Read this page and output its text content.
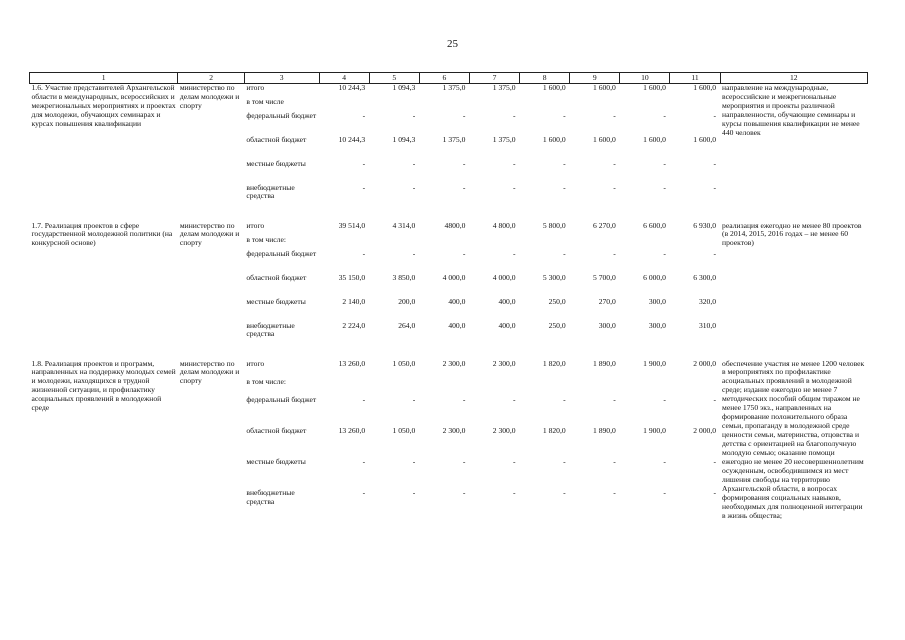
25
1	2	3	4	5	6	7	8	9	10	11	12
1.6. Участие представителей Архангельской области в международных, всероссийских и межрегиональных мероприятиях и проектах для молодежи, обучающих семинарах и курсах повышения квалификации	министерство по делам молодежи и спорту	итого	10 244,3	1 094,3	1 375,0	1 375,0	1 600,0	1 600,0	1 600,0	1 600,0	направление на международные, всероссийские и межрегиональные мероприятия и проекты различной направленности, обучающие семинары и курсы повышения квалификации не менее 440 человек
		в том числе									
		федеральный бюджет	-	-	-	-	-	-	-	-	
		областной бюджет	10 244,3	1 094,3	1 375,0	1 375,0	1 600,0	1 600,0	1 600,0	1 600,0	
		местные бюджеты	-	-	-	-	-	-	-	-	
		внебюджетные средства	-	-	-	-	-	-	-	-	

1.7. Реализация проектов в сфере государственной молодежной политики (на конкурсной основе)	министерство по делам молодежи и спорту	итого	39 514,0	4 314,0	4800,0	4 800,0	5 800,0	6 270,0	6 600,0	6 930,0	реализация ежегодно не менее 80 проектов (в 2014, 2015, 2016 годах – не менее 60 проектов)
		в том числе:									
		федеральный бюджет	-	-	-	-	-	-	-	-	
		областной бюджет	35 150,0	3 850,0	4 000,0	4 000,0	5 300,0	5 700,0	6 000,0	6 300,0	
		местные бюджеты	2 140,0	200,0	400,0	400,0	250,0	270,0	300,0	320,0	
		внебюджетные средства	2 224,0	264,0	400,0	400,0	250,0	300,0	300,0	310,0	

1.8. Реализация проектов и программ, направленных на поддержку молодых семей и молодежи, находящихся в трудной жизненной ситуации, и профилактику асоциальных проявлений в молодежной среде	министерство по делам молодежи и спорту	итого	13 260,0	1 050,0	2 300,0	2 300,0	1 820,0	1 890,0	1 900,0	2 000,0	обеспечение участия не менее 1200 человек в мероприятиях по профилактике асоциальных проявлений в молодежной среде; издание ежегодно не менее 7 методических пособий общим тиражом не менее 1750 экз., направленных на формирование положительного образа семьи, пропаганду в молодежной среде ценности семьи, материнства, отцовства и детства с ориентацией на благополучную молодую семью; оказание помощи ежегодно не менее 20 несовершеннолетним осужденным, освободившимся из мест лишения свободы на территорию Архангельской области, в вопросах формирования социальных навыков, необходимых для полноценной интеграции в жизнь общества;
		в том числе:									
		федеральный бюджет	-	-	-	-	-	-	-	-	
		областной бюджет	13 260,0	1 050,0	2 300,0	2 300,0	1 820,0	1 890,0	1 900,0	2 000,0	
		местные бюджеты	-	-	-	-	-	-	-	-	
		внебюджетные средства	-	-	-	-	-	-	-	-	
